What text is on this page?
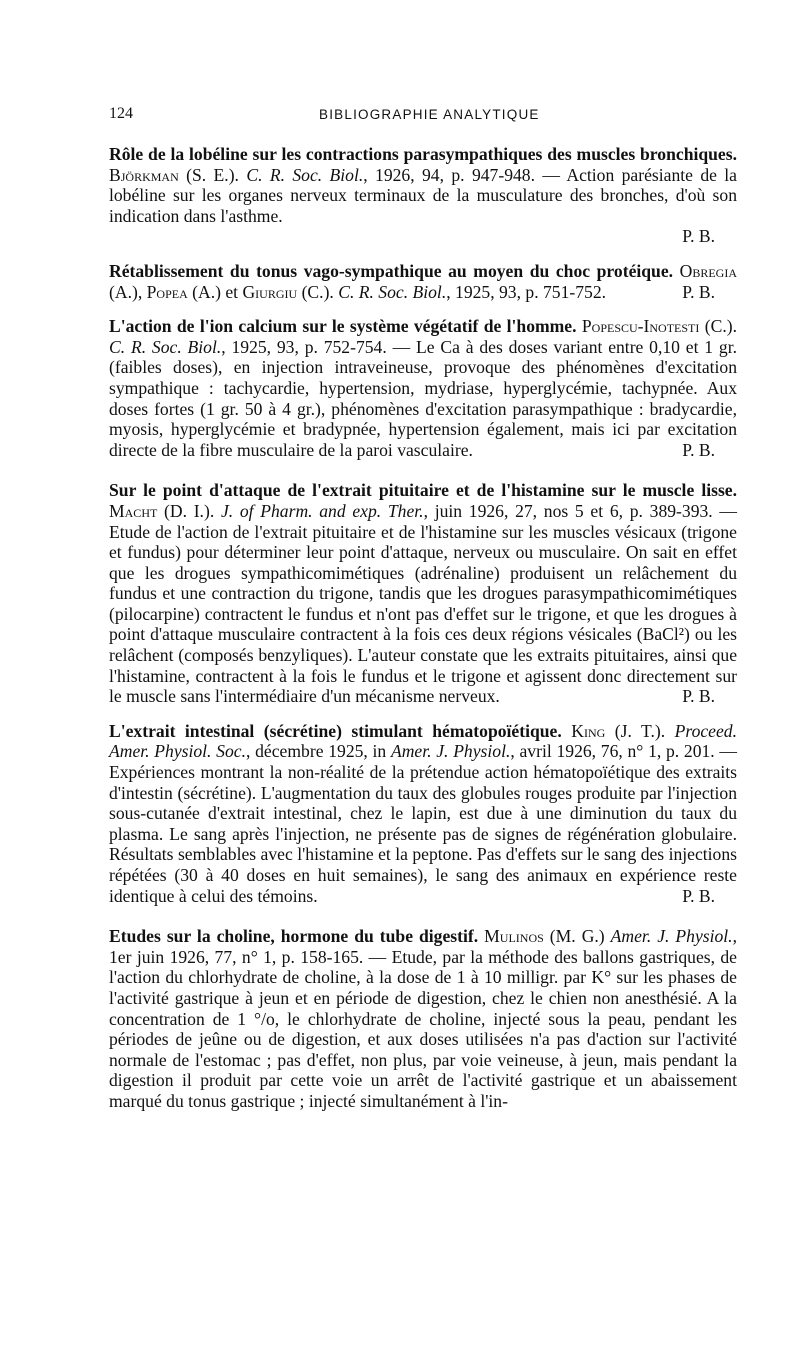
124	BIBLIOGRAPHIE ANALYTIQUE

Rôle de la lobéline sur les contractions parasympathiques des muscles bronchiques. Björkman (S. E.). C. R. Soc. Biol., 1926, 94, p. 947-948. — Action parésiante de la lobéline sur les organes nerveux terminaux de la musculature des bronches, d'où son indication dans l'asthme.
P. B.

Rétablissement du tonus vago-sympathique au moyen du choc protéique. Obregia (A.), Popea (A.) et Giurgiu (C.). C. R. Soc. Biol., 1925, 93, p. 751-752.	P. B.

L'action de l'ion calcium sur le système végétatif de l'homme. Popescu-Inotesti (C.). C. R. Soc. Biol., 1925, 93, p. 752-754. — Le Ca à des doses variant entre 0,10 et 1 gr. (faibles doses), en injection intraveineuse, provoque des phénomènes d'excitation sympathique : tachycardie, hypertension, mydriase, hyperglycémie, tachypnée. Aux doses fortes (1 gr. 50 à 4 gr.), phénomènes d'excitation parasympathique : bradycardie, myosis, hyperglycémie et bradypnée, hypertension également, mais ici par excitation directe de la fibre musculaire de la paroi vasculaire.	P. B.

Sur le point d'attaque de l'extrait pituitaire et de l'histamine sur le muscle lisse. Macht (D. I.). J. of Pharm. and exp. Ther., juin 1926, 27, nos 5 et 6, p. 389-393. — Etude de l'action de l'extrait pituitaire et de l'histamine sur les muscles vésicaux (trigone et fundus) pour déterminer leur point d'attaque, nerveux ou musculaire. On sait en effet que les drogues sympathicomimétiques (adrénaline) produisent un relâchement du fundus et une contraction du trigone, tandis que les drogues parasympathicomimétiques (pilocarpine) contractent le fundus et n'ont pas d'effet sur le trigone, et que les drogues à point d'attaque musculaire contractent à la fois ces deux régions vésicales (BaCl²) ou les relâchent (composés benzyliques). L'auteur constate que les extraits pituitaires, ainsi que l'histamine, contractent à la fois le fundus et le trigone et agissent donc directement sur le muscle sans l'intermédiaire d'un mécanisme nerveux.	P. B.

L'extrait intestinal (sécrétine) stimulant hématopoïétique. King (J. T.). Proceed. Amer. Physiol. Soc., décembre 1925, in Amer. J. Physiol., avril 1926, 76, n° 1, p. 201. — Expériences montrant la non-réalité de la prétendue action hématopoïétique des extraits d'intestin (sécrétine). L'augmentation du taux des globules rouges produite par l'injection sous-cutanée d'extrait intestinal, chez le lapin, est due à une diminution du taux du plasma. Le sang après l'injection, ne présente pas de signes de régénération globulaire. Résultats semblables avec l'histamine et la peptone. Pas d'effets sur le sang des injections répétées (30 à 40 doses en huit semaines), le sang des animaux en expérience reste identique à celui des témoins.	P. B.

Etudes sur la choline, hormone du tube digestif. Mulinos (M. G.) Amer. J. Physiol., 1er juin 1926, 77, n° 1, p. 158-165. — Etude, par la méthode des ballons gastriques, de l'action du chlorhydrate de choline, à la dose de 1 à 10 milligr. par K° sur les phases de l'activité gastrique à jeun et en période de digestion, chez le chien non anesthésié. A la concentration de 1 °/o, le chlorhydrate de choline, injecté sous la peau, pendant les périodes de jeûne ou de digestion, et aux doses utilisées n'a pas d'action sur l'activité normale de l'estomac ; pas d'effet, non plus, par voie veineuse, à jeun, mais pendant la digestion il produit par cette voie un arrêt de l'activité gastrique et un abaissement marqué du tonus gastrique ; injecté simultanément à l'in-
